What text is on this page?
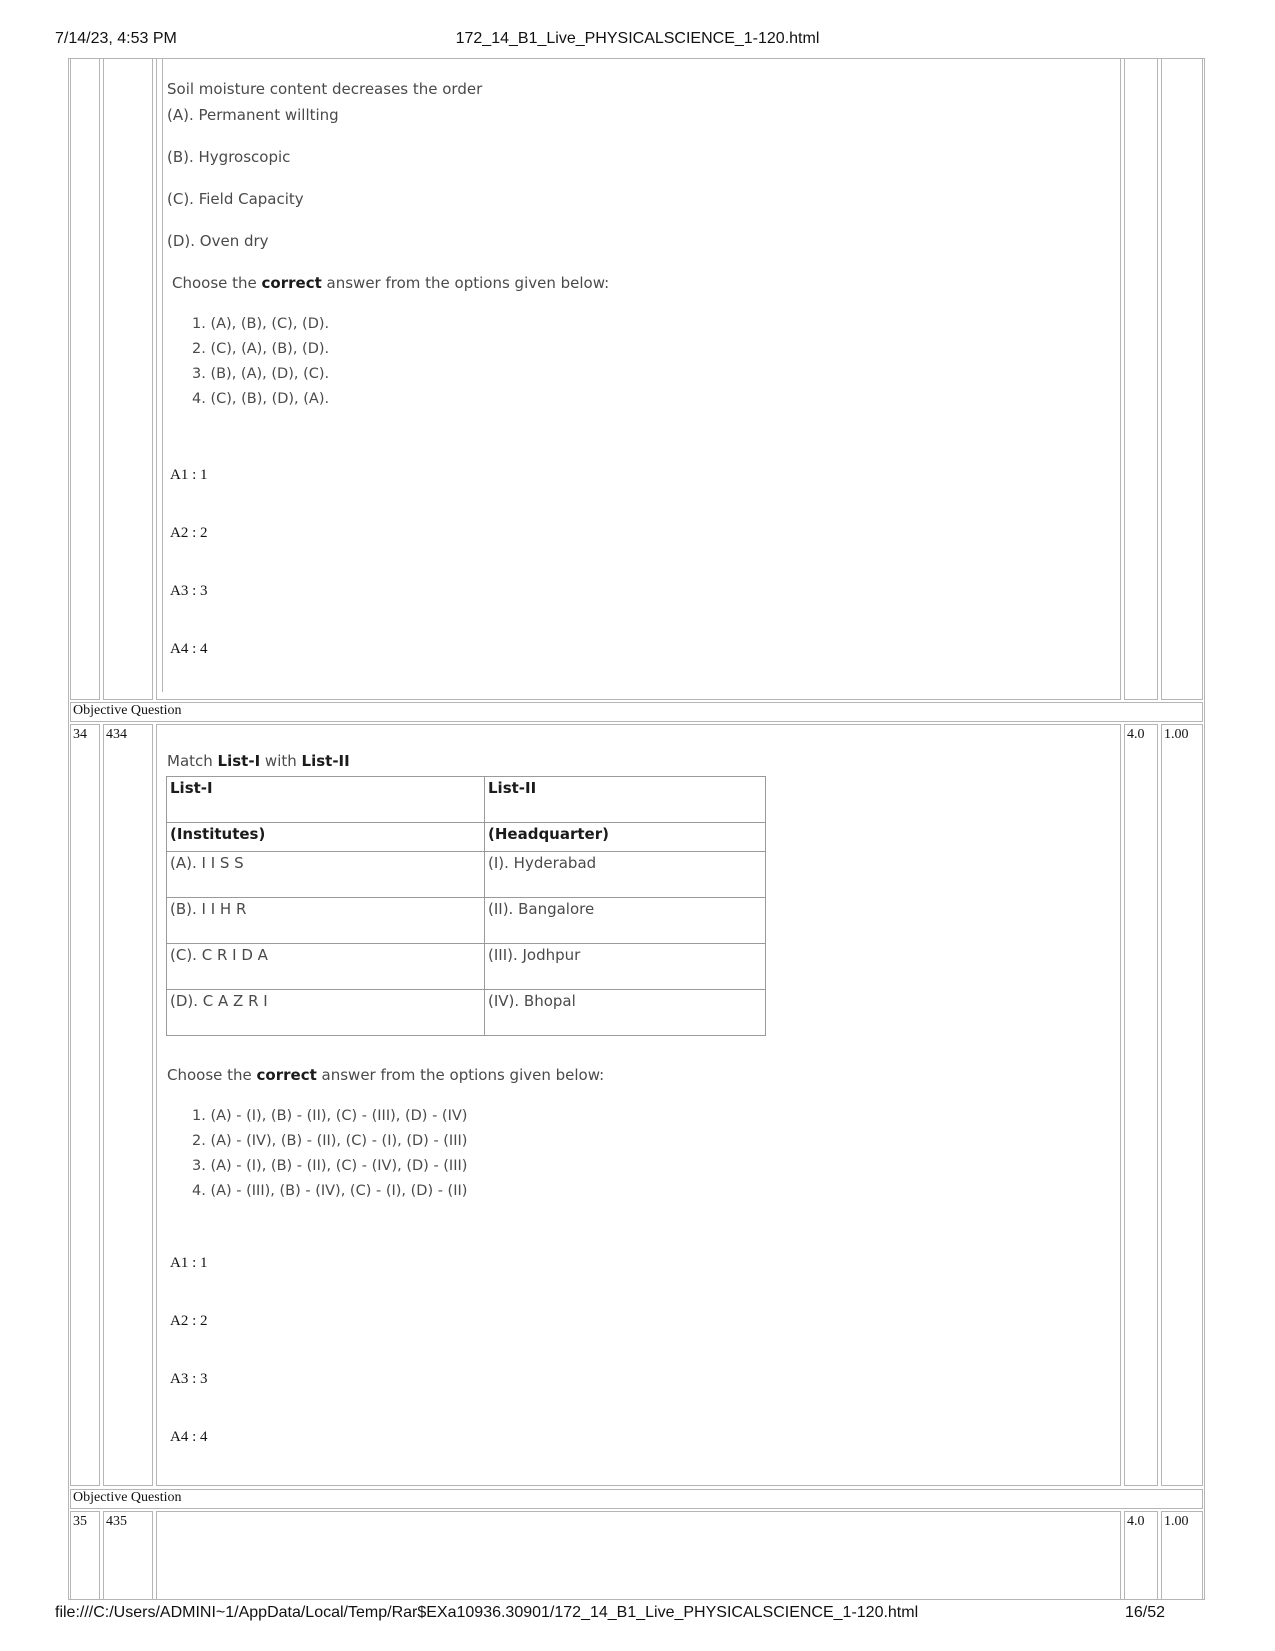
7/14/23, 4:53 PM	172_14_B1_Live_PHYSICALSCIENCE_1-120.html
file:///C:/Users/ADMINI~1/AppData/Local/Temp/Rar$EXa10936.30901/172_14_B1_Live_PHYSICALSCIENCE_1-120.html	16/52
Soil moisture content decreases the order
(A). Permanent willting
(B). Hygroscopic
(C). Field Capacity
(D). Oven dry
Choose the correct answer from the options given below:
1. (A), (B), (C), (D).
2. (C), (A), (B), (D).
3. (B), (A), (D), (C).
4. (C), (B), (D), (A).
A1 : 1
A2 : 2
A3 : 3
A4 : 4
Objective Question
34 434	4.0 1.00
Match List-I with List-II
List-I	List-II
(Institutes)	(Headquarter)
(A). I I S S	(I). Hyderabad
(B). I I H R	(II). Bangalore
(C). C R I D A	(III). Jodhpur
(D). C A Z R I	(IV). Bhopal
Choose the correct answer from the options given below:
1. (A) - (I), (B) - (II), (C) - (III), (D) - (IV)
2. (A) - (IV), (B) - (II), (C) - (I), (D) - (III)
3. (A) - (I), (B) - (II), (C) - (IV), (D) - (III)
4. (A) - (III), (B) - (IV), (C) - (I), (D) - (II)
A1 : 1
A2 : 2
A3 : 3
A4 : 4
Objective Question
35 435	4.0 1.00
